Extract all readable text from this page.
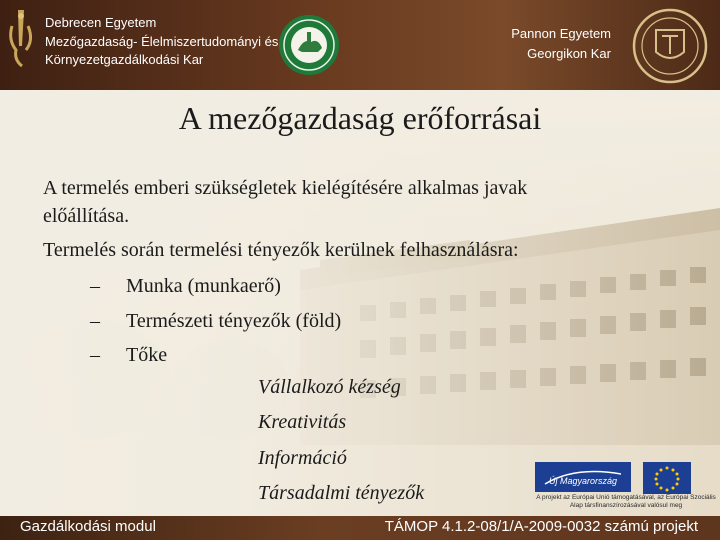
Debrecen Egyetem
Mezőgazdaság- Élelmiszertudományi és
Környezetgazdálkodási Kar
Pannon Egyetem
Georgikon Kar
A mezőgazdaság erőforrásai
A termelés emberi szükségletek kielégítésére alkalmas javak
előállítása.
Termelés során termelési tényezők kerülnek felhasználásra:
– Munka (munkaerő)
– Természeti tényezők (föld)
– Tőke
Vállalkozó kézség
Kreativitás
Információ
Társadalmi tényezők
Új Magyarország
A projekt az Európai Unió támogatásával, az Európai Szociális Alap társfinanszírozásával valósul meg
Gazdálkodási modul	TÁMOP 4.1.2-08/1/A-2009-0032 számú projekt
